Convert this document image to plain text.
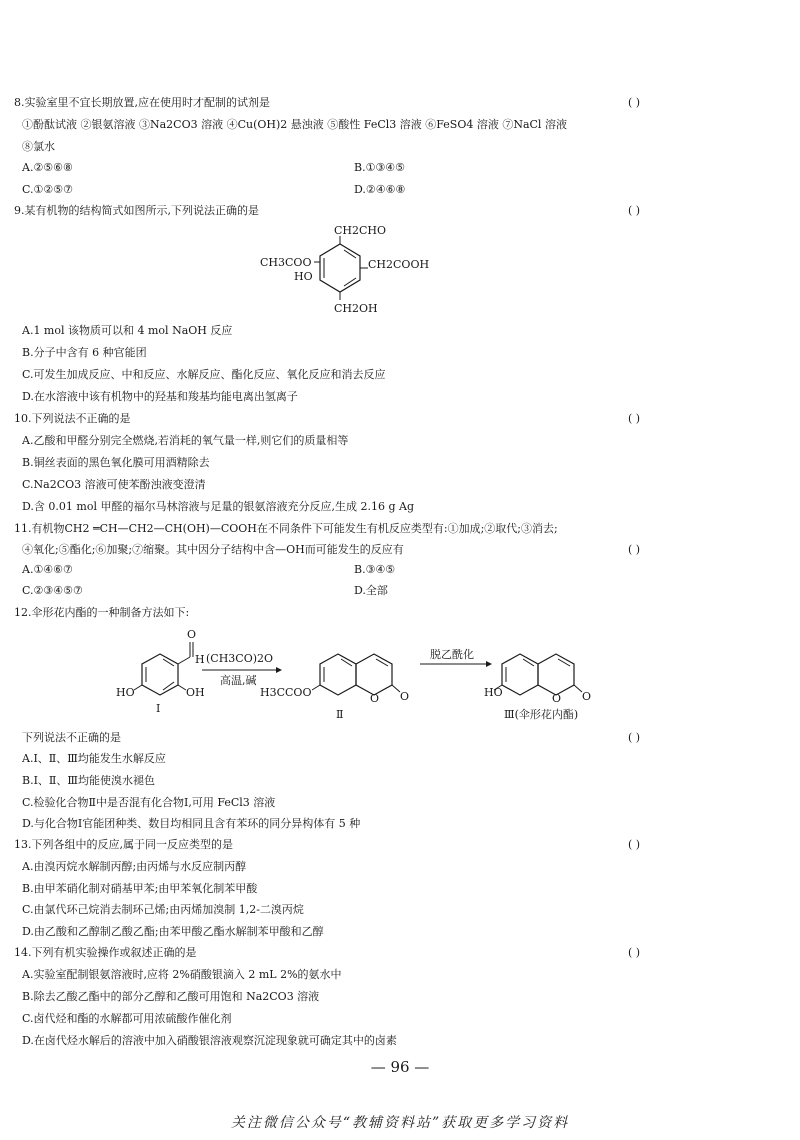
8.实验室里不宜长期放置,应在使用时才配制的试剂是	( )
①酚酞试液 ②银氨溶液 ③Na2CO3 溶液 ④Cu(OH)2 悬浊液 ⑤酸性 FeCl3 溶液 ⑥FeSO4 溶液 ⑦NaCl 溶液
⑧氯水
A.②⑤⑥⑧	B.①③④⑤
C.①②⑤⑦	D.②④⑥⑧
9.某有机物的结构简式如图所示,下列说法正确的是	( )
CH2CHO
CH3COO	CH2COOH
HO
CH2OH
A.1 mol 该物质可以和 4 mol NaOH 反应
B.分子中含有 6 种官能团
C.可发生加成反应、中和反应、水解反应、酯化反应、氧化反应和消去反应
D.在水溶液中该有机物中的羟基和羧基均能电离出氢离子
10.下列说法不正确的是	( )
A.乙酸和甲醛分别完全燃烧,若消耗的氧气量一样,则它们的质量相等
B.铜丝表面的黑色氧化膜可用酒精除去
C.Na2CO3 溶液可使苯酚浊液变澄清
D.含 0.01 mol 甲醛的福尔马林溶液与足量的银氨溶液充分反应,生成 2.16 g Ag
11.有机物CH2 ═CH—CH2—CH(OH)—COOH在不同条件下可能发生有机反应类型有:①加成;②取代;③消去;
④氧化;⑤酯化;⑥加聚;⑦缩聚。其中因分子结构中含—OH而可能发生的反应有	( )
A.①④⑥⑦	B.③④⑤
C.②③④⑤⑦	D.全部
12.伞形花内酯的一种制备方法如下:
O
H
HO	OH
Ⅰ
(CH3CO)2O
高温,碱
O O
H3CCOO
Ⅱ
脱乙酰化
O O
HO
Ⅲ(伞形花内酯)
下列说法不正确的是	( )
A.Ⅰ、Ⅱ、Ⅲ均能发生水解反应
B.Ⅰ、Ⅱ、Ⅲ均能使溴水褪色
C.检验化合物Ⅱ中是否混有化合物Ⅰ,可用 FeCl3 溶液
D.与化合物Ⅰ官能团种类、数目均相同且含有苯环的同分异构体有 5 种
13.下列各组中的反应,属于同一反应类型的是	( )
A.由溴丙烷水解制丙醇;由丙烯与水反应制丙醇
B.由甲苯硝化制对硝基甲苯;由甲苯氧化制苯甲酸
C.由氯代环己烷消去制环己烯;由丙烯加溴制 1,2-二溴丙烷
D.由乙酸和乙醇制乙酸乙酯;由苯甲酸乙酯水解制苯甲酸和乙醇
14.下列有机实验操作或叙述正确的是	( )
A.实验室配制银氨溶液时,应将 2%硝酸银滴入 2 mL 2%的氨水中
B.除去乙酸乙酯中的部分乙醇和乙酸可用饱和 Na2CO3 溶液
C.卤代烃和酯的水解都可用浓硫酸作催化剂
D.在卤代烃水解后的溶液中加入硝酸银溶液观察沉淀现象就可确定其中的卤素
— 96 —
关注微信公众号“教辅资料站”获取更多学习资料
